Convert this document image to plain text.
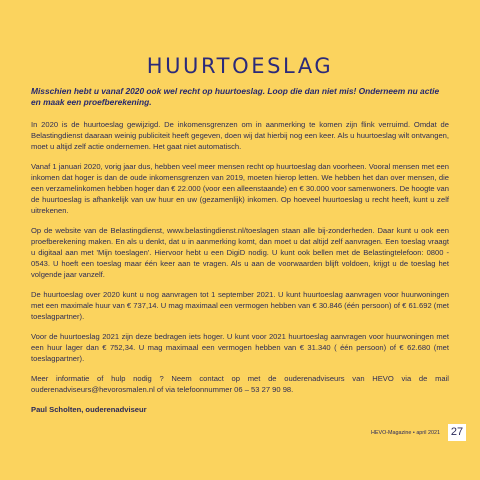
HUURTOESLAG

Misschien hebt u vanaf 2020 ook wel recht op huurtoeslag. Loop die dan niet mis! Onderneem nu actie en maak een proefberekening.

In 2020 is de huurtoeslag gewijzigd. De inkomensgrenzen om in aanmerking te komen zijn flink verruimd. Omdat de Belastingdienst daaraan weinig publiciteit heeft gegeven, doen wij dat hierbij nog een keer. Als u huurtoeslag wilt ontvangen, moet u altijd zelf actie ondernemen. Het gaat niet automatisch.

Vanaf 1 januari 2020, vorig jaar dus, hebben veel meer mensen recht op huurtoeslag dan voorheen. Vooral mensen met een inkomen dat hoger is dan de oude inkomensgrenzen van 2019, moeten hierop letten. We hebben het dan over mensen, die een verzamelinkomen hebben hoger dan € 22.000 (voor een alleenstaande) en € 30.000 voor samenwoners. De hoogte van de huurtoeslag is afhankelijk van uw huur en uw (gezamenlijk) inkomen. Op hoeveel huurtoeslag u recht heeft, kunt u zelf uitrekenen.

Op de website van de Belastingdienst, www.belastingdienst.nl/toeslagen staan alle bij-zonderheden. Daar kunt u ook een proefberekening maken. En als u denkt, dat u in aanmerking komt, dan moet u dat altijd zelf aanvragen. Een toeslag vraagt u digitaal aan met 'Mijn toeslagen'. Hiervoor hebt u een DigiD nodig. U kunt ook bellen met de Belastingtelefoon: 0800 - 0543. U hoeft een toeslag maar één keer aan te vragen. Als u aan de voorwaarden blijft voldoen, krijgt u de toeslag het volgende jaar vanzelf.

De huurtoeslag over 2020 kunt u nog aanvragen tot 1 september 2021. U kunt huurtoeslag aanvragen voor huurwoningen met een maximale huur van € 737,14. U mag maximaal een vermogen hebben van € 30.846 (één persoon) of € 61.692 (met toeslagpartner).

Voor de huurtoeslag 2021 zijn deze bedragen iets hoger. U kunt voor 2021 huurtoeslag aanvragen voor huurwoningen met een huur lager dan € 752,34. U mag maximaal een vermogen hebben van € 31.340 ( één persoon) of € 62.680 (met toeslagpartner).

Meer informatie of hulp nodig ? Neem contact op met de ouderenadviseurs van HEVO via de mail ouderenadviseurs@hevorosmalen.nl of via telefoonnummer 06 – 53 27 90 98.

Paul Scholten, ouderenadviseur

HEVO-Magazine • april 2021 27
